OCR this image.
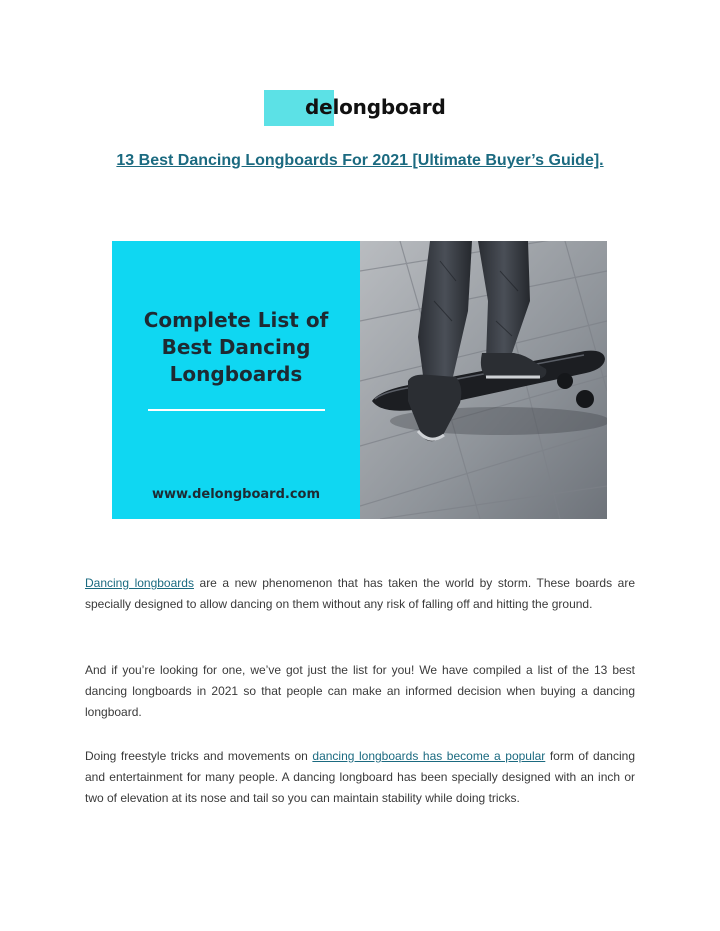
delongboard
13 Best Dancing Longboards For 2021 [Ultimate Buyer’s Guide].
Complete List of
Best Dancing
Longboards
www.delongboard.com

Dancing longboards are a new phenomenon that has taken the world by storm. These boards are specially designed to allow dancing on them without any risk of falling off and hitting the ground.

And if you’re looking for one, we’ve got just the list for you! We have compiled a list of the 13 best dancing longboards in 2021 so that people can make an informed decision when buying a dancing longboard.

Doing freestyle tricks and movements on dancing longboards has become a popular form of dancing and entertainment for many people. A dancing longboard has been specially designed with an inch or two of elevation at its nose and tail so you can maintain stability while doing tricks.
